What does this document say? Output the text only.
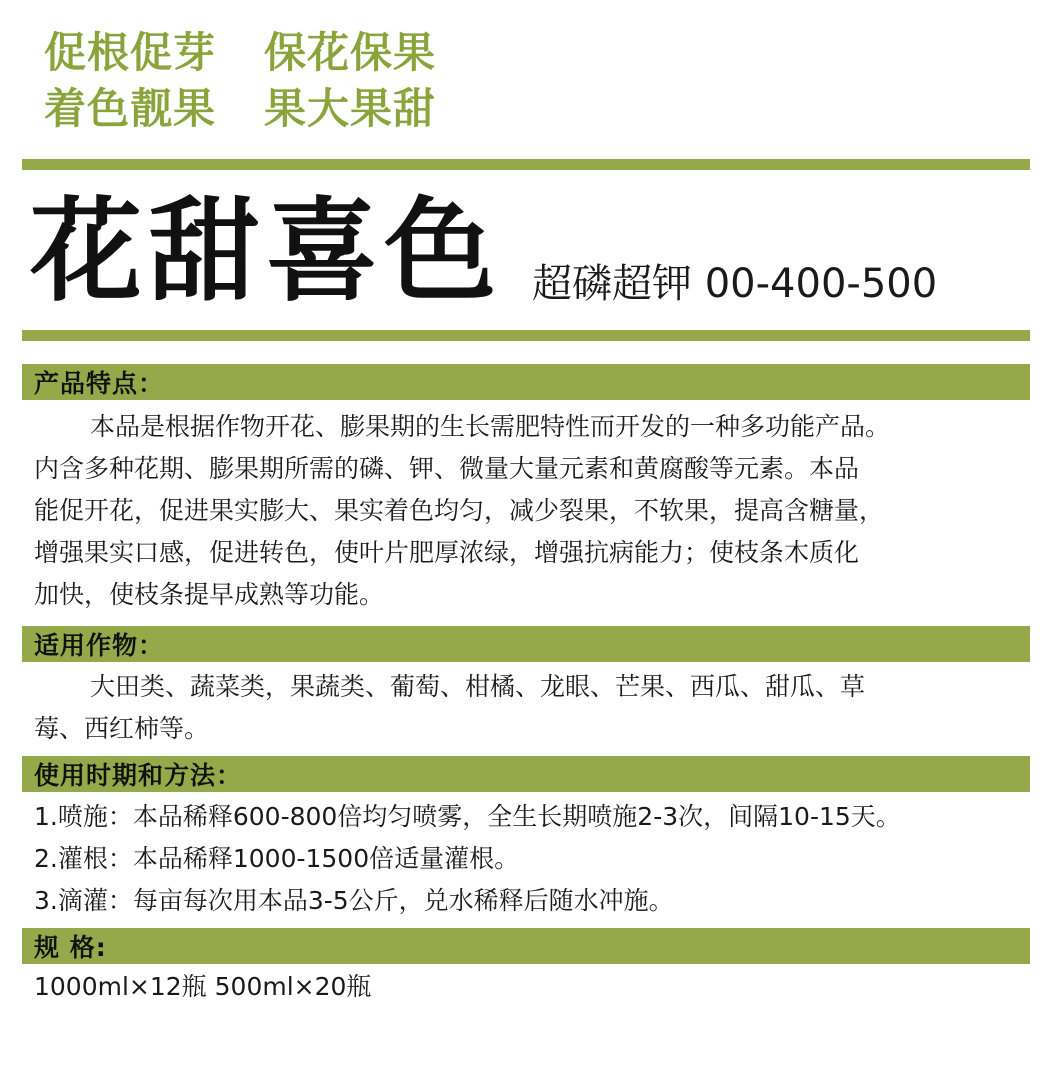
促根促芽 保花保果
着色靓果 果大果甜
花甜喜色 超磷超钾 00-400-500
产品特点：
本品是根据作物开花、膨果期的生长需肥特性而开发的一种多功能产品。
内含多种花期、膨果期所需的磷、钾、微量大量元素和黄腐酸等元素。本品
能促开花，促进果实膨大、果实着色均匀，减少裂果，不软果，提高含糖量，
增强果实口感，促进转色，使叶片肥厚浓绿，增强抗病能力；使枝条木质化
加快，使枝条提早成熟等功能。
适用作物：
大田类、蔬菜类，果蔬类、葡萄、柑橘、龙眼、芒果、西瓜、甜瓜、草
莓、西红柿等。
使用时期和方法：
1.喷施：本品稀释600-800倍均匀喷雾，全生长期喷施2-3次，间隔10-15天。
2.灌根：本品稀释1000-1500倍适量灌根。
3.滴灌：每亩每次用本品3-5公斤，兑水稀释后随水冲施。
规 格:
1000ml×12瓶 500ml×20瓶
